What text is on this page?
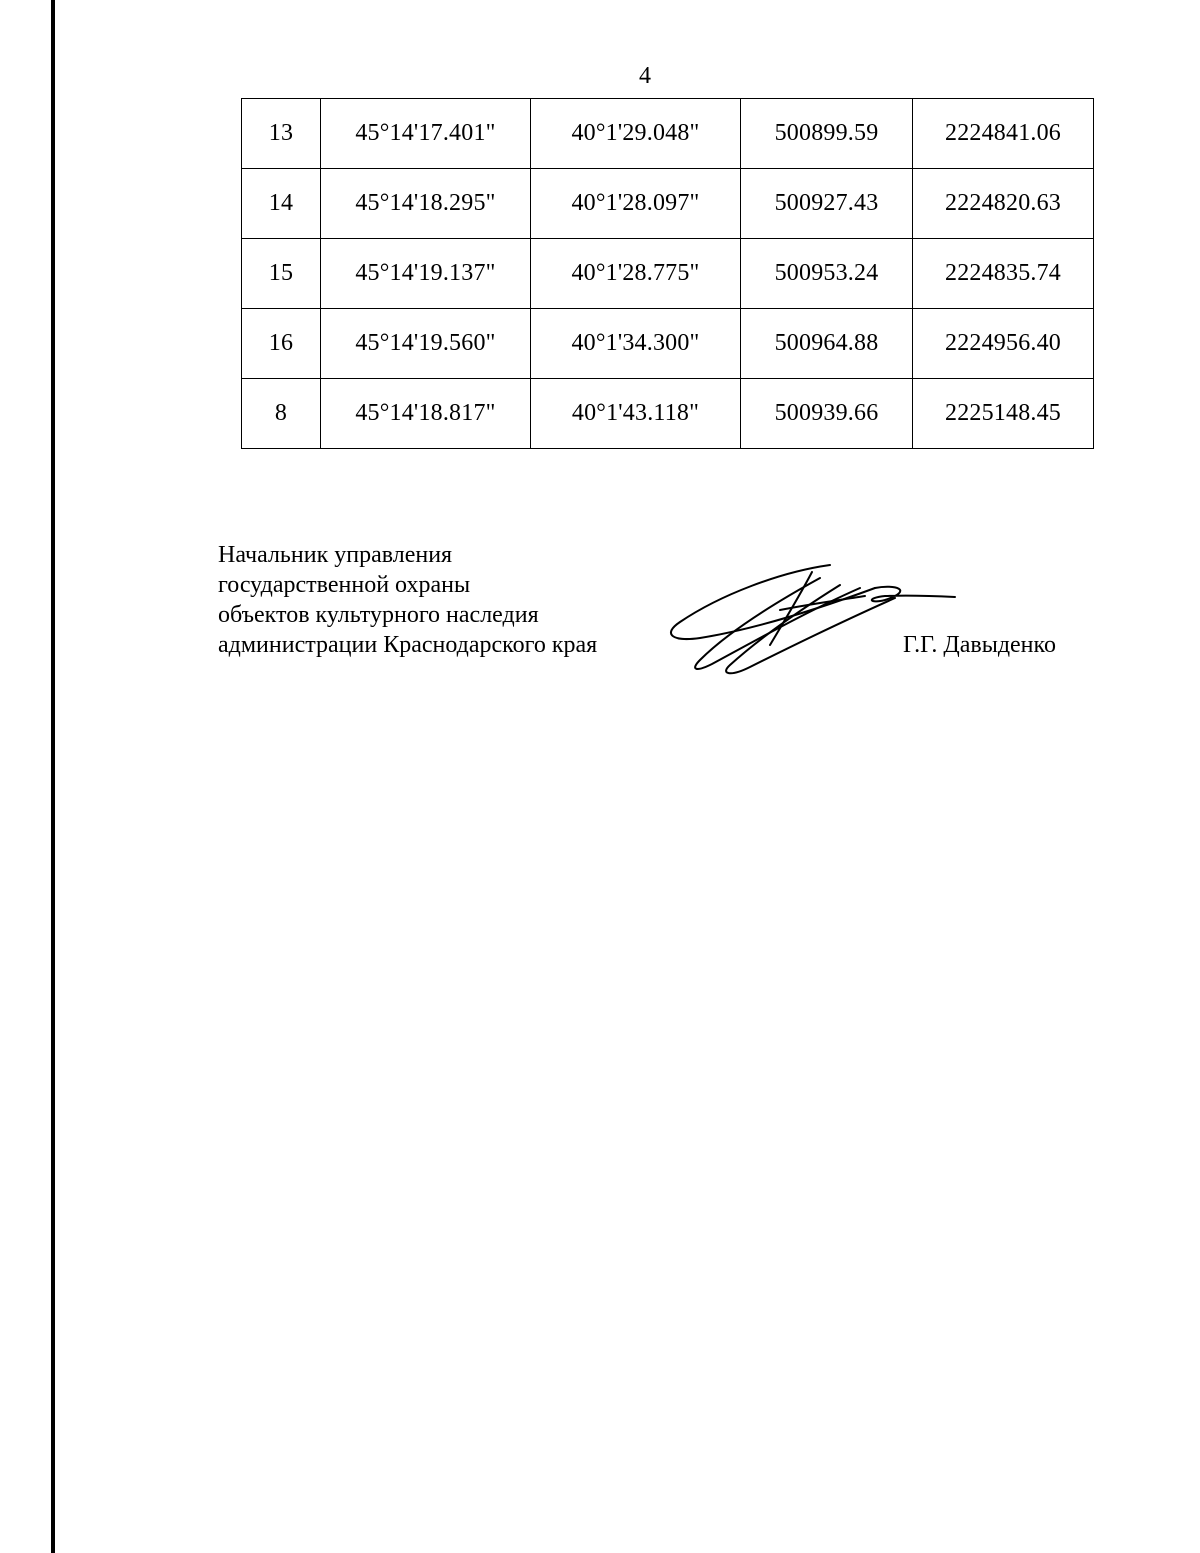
4
13	45°14'17.401"	40°1'29.048"	500899.59	2224841.06
14	45°14'18.295"	40°1'28.097"	500927.43	2224820.63
15	45°14'19.137"	40°1'28.775"	500953.24	2224835.74
16	45°14'19.560"	40°1'34.300"	500964.88	2224956.40
8	45°14'18.817"	40°1'43.118"	500939.66	2225148.45
Начальник управления
государственной охраны
объектов культурного наследия
администрации Краснодарского края	Г.Г. Давыденко
